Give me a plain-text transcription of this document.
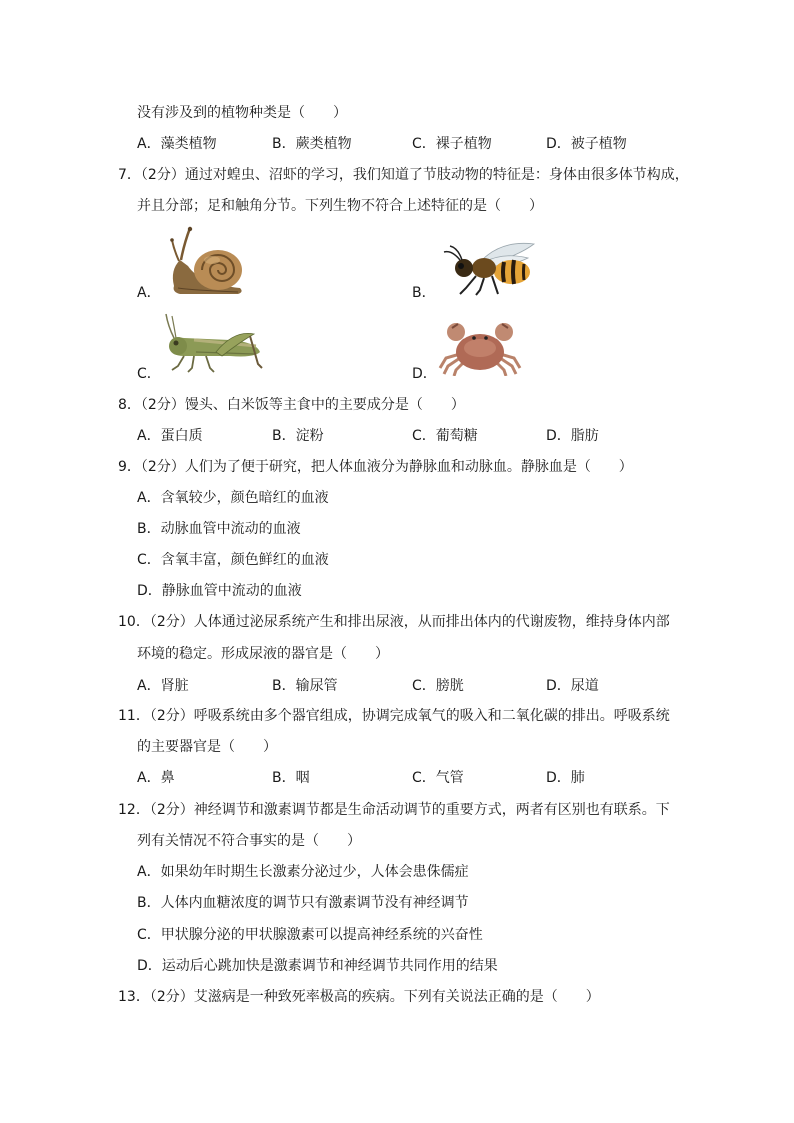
没有涉及到的植物种类是（　　）
A．藻类植物	B．蕨类植物	C．裸子植物	D．被子植物
7．（2分）通过对蝗虫、沼虾的学习，我们知道了节肢动物的特征是：身体由很多体节构成，
并且分部；足和触角分节。下列生物不符合上述特征的是（　　）
A．	B．
C．	D．
8．（2分）馒头、白米饭等主食中的主要成分是（　　）
A．蛋白质	B．淀粉	C．葡萄糖	D．脂肪
9．（2分）人们为了便于研究，把人体血液分为静脉血和动脉血。静脉血是（　　）
A．含氧较少，颜色暗红的血液
B．动脉血管中流动的血液
C．含氧丰富，颜色鲜红的血液
D．静脉血管中流动的血液
10．（2分）人体通过泌尿系统产生和排出尿液，从而排出体内的代谢废物，维持身体内部
环境的稳定。形成尿液的器官是（　　）
A．肾脏	B．输尿管	C．膀胱	D．尿道
11．（2分）呼吸系统由多个器官组成，协调完成氧气的吸入和二氧化碳的排出。呼吸系统
的主要器官是（　　）
A．鼻	B．咽	C．气管	D．肺
12．（2分）神经调节和激素调节都是生命活动调节的重要方式，两者有区别也有联系。下
列有关情况不符合事实的是（　　）
A．如果幼年时期生长激素分泌过少，人体会患侏儒症
B．人体内血糖浓度的调节只有激素调节没有神经调节
C．甲状腺分泌的甲状腺激素可以提高神经系统的兴奋性
D．运动后心跳加快是激素调节和神经调节共同作用的结果
13．（2分）艾滋病是一种致死率极高的疾病。下列有关说法正确的是（　　）
